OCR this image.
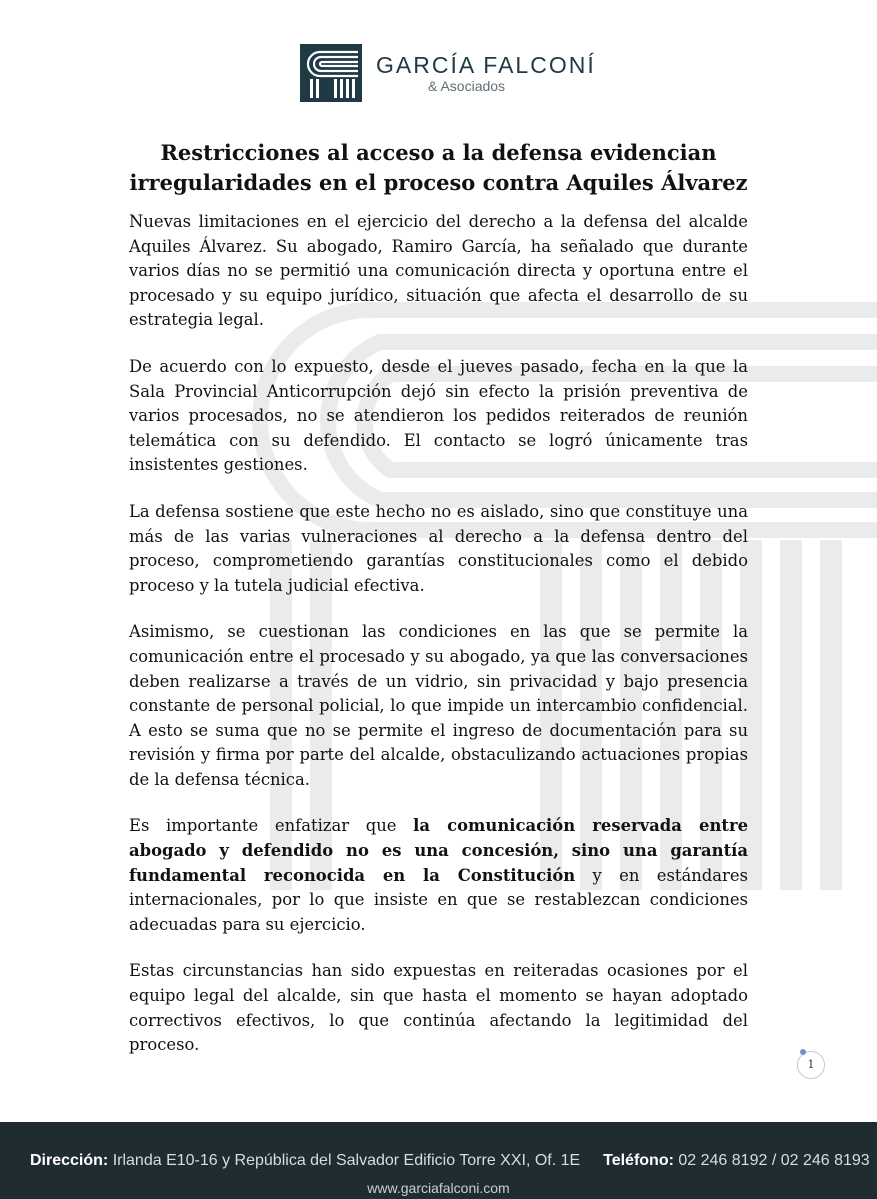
GARCÍA FALCONÍ
& Asociados
Restricciones al acceso a la defensa evidencian
irregularidades en el proceso contra Aquiles Álvarez

Nuevas limitaciones en el ejercicio del derecho a la defensa del alcalde Aquiles Álvarez. Su abogado, Ramiro García, ha señalado que durante varios días no se permitió una comunicación directa y oportuna entre el procesado y su equipo jurídico, situación que afecta el desarrollo de su estrategia legal.

De acuerdo con lo expuesto, desde el jueves pasado, fecha en la que la Sala Provincial Anticorrupción dejó sin efecto la prisión preventiva de varios procesados, no se atendieron los pedidos reiterados de reunión telemática con su defendido. El contacto se logró únicamente tras insistentes gestiones.

La defensa sostiene que este hecho no es aislado, sino que constituye una más de las varias vulneraciones al derecho a la defensa dentro del proceso, comprometiendo garantías constitucionales como el debido proceso y la tutela judicial efectiva.

Asimismo, se cuestionan las condiciones en las que se permite la comunicación entre el procesado y su abogado, ya que las conversaciones deben realizarse a través de un vidrio, sin privacidad y bajo presencia constante de personal policial, lo que impide un intercambio confidencial. A esto se suma que no se permite el ingreso de documentación para su revisión y firma por parte del alcalde, obstaculizando actuaciones propias de la defensa técnica.

Es importante enfatizar que la comunicación reservada entre abogado y defendido no es una concesión, sino una garantía fundamental reconocida en la Constitución y en estándares internacionales, por lo que insiste en que se restablezcan condiciones adecuadas para su ejercicio.

Estas circunstancias han sido expuestas en reiteradas ocasiones por el equipo legal del alcalde, sin que hasta el momento se hayan adoptado correctivos efectivos, lo que continúa afectando la legitimidad del proceso.

1
Dirección: Irlanda E10-16 y República del Salvador Edificio Torre XXI, Of. 1E Teléfono: 02 246 8192 / 02 246 8193
www.garciafalconi.com
